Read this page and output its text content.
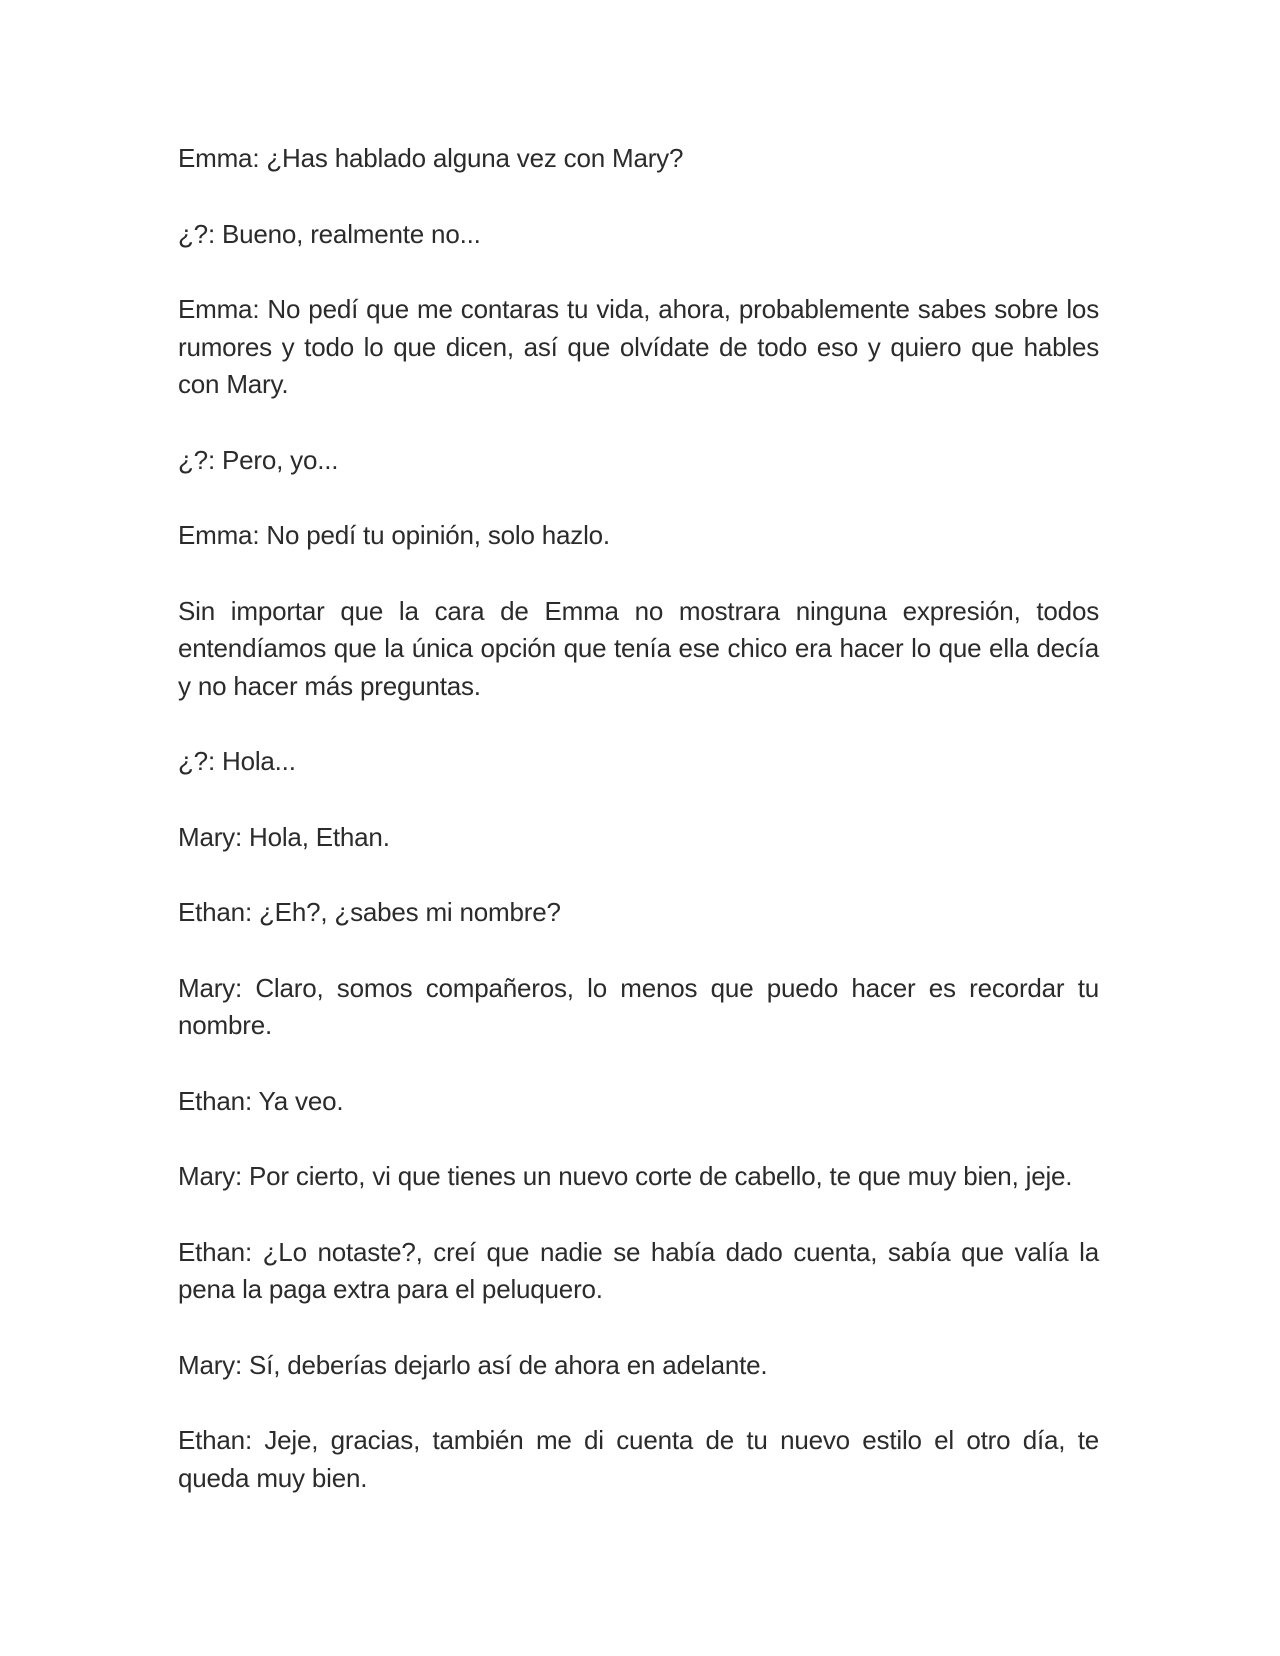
Emma: ¿Has hablado alguna vez con Mary?

¿?: Bueno, realmente no...

Emma: No pedí que me contaras tu vida, ahora, probablemente sabes sobre los rumores y todo lo que dicen, así que olvídate de todo eso y quiero que hables con Mary.

¿?: Pero, yo...

Emma: No pedí tu opinión, solo hazlo.

Sin importar que la cara de Emma no mostrara ninguna expresión, todos entendíamos que la única opción que tenía ese chico era hacer lo que ella decía y no hacer más preguntas.

¿?: Hola...

Mary: Hola, Ethan.

Ethan: ¿Eh?, ¿sabes mi nombre?

Mary: Claro, somos compañeros, lo menos que puedo hacer es recordar tu nombre.

Ethan: Ya veo.

Mary: Por cierto, vi que tienes un nuevo corte de cabello, te que muy bien, jeje.

Ethan: ¿Lo notaste?, creí que nadie se había dado cuenta, sabía que valía la pena la paga extra para el peluquero.

Mary: Sí, deberías dejarlo así de ahora en adelante.

Ethan: Jeje, gracias, también me di cuenta de tu nuevo estilo el otro día, te queda muy bien.
